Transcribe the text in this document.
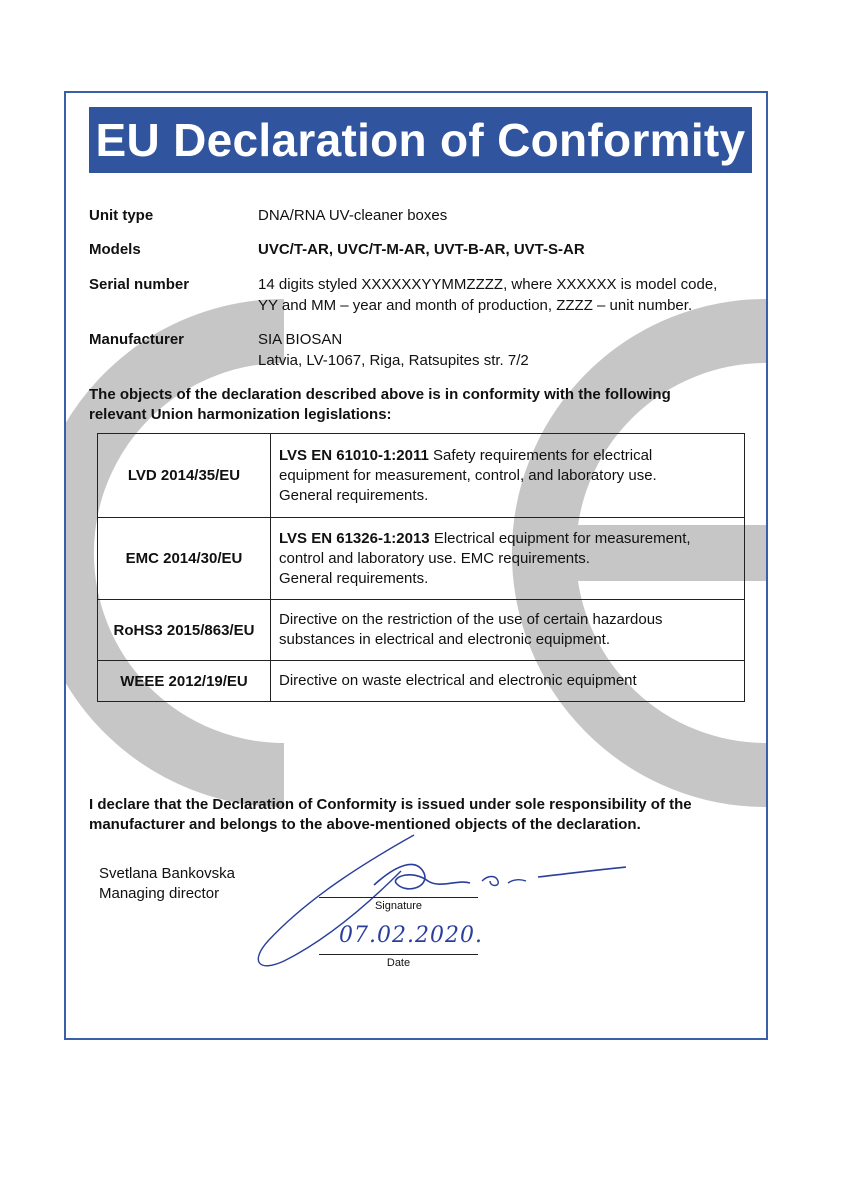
EU Declaration of Conformity
Unit type	DNA/RNA UV-cleaner boxes
Models	UVC/T-AR, UVC/T-M-AR, UVT-B-AR, UVT-S-AR
Serial number	14 digits styled XXXXXXYYMMZZZZ, where XXXXXX is model code,
YY and MM – year and month of production, ZZZZ – unit number.
Manufacturer	SIA BIOSAN
Latvia, LV-1067, Riga, Ratsupites str. 7/2
The objects of the declaration described above is in conformity with the following
relevant Union harmonization legislations:
LVD 2014/35/EU	LVS EN 61010-1:2011 Safety requirements for electrical
equipment for measurement, control, and laboratory use.
General requirements.

EMC 2014/30/EU	LVS EN 61326-1:2013 Electrical equipment for measurement,
control and laboratory use. EMC requirements.
General requirements.

RoHS3 2015/863/EU	Directive on the restriction of the use of certain hazardous
substances in electrical and electronic equipment.

WEEE 2012/19/EU	Directive on waste electrical and electronic equipment
I declare that the Declaration of Conformity is issued under sole responsibility of the
manufacturer and belongs to the above-mentioned objects of the declaration.
Svetlana Bankovska
Managing director
Signature
07.02.2020.
Date
